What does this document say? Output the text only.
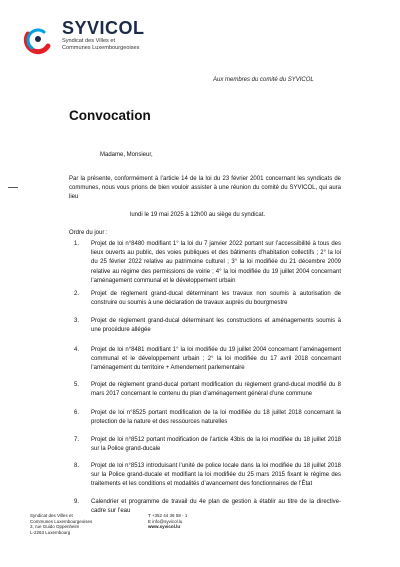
SYVICOL
Syndicat des Villes et
Communes Luxembourgeoises
Aux membres du comité du SYVICOL
Convocation
Madame, Monsieur,
Par la présente, conformément à l’article 14 de la loi du 23 février 2001 concernant les syndicats de communes, nous vous prions de bien vouloir assister à une réunion du comité du SYVICOL, qui aura lieu
lundi le 19 mai 2025 à 12h00 au siège du syndicat.
Ordre du jour :
1. Projet de loi n°8480 modifiant 1° la loi du 7 janvier 2022 portant sur l’accessibilité à tous des lieux ouverts au public, des voies publiques et des bâtiments d’habitation collectifs ; 2° la loi du 25 février 2022 relative au patrimoine culturel ; 3° la loi modifiée du 21 décembre 2009 relative au régime des permissions de voirie ; 4° la loi modifiée du 19 juillet 2004 concernant l’aménagement communal et le développement urbain
2. Projet de règlement grand-ducal déterminant les travaux non soumis à autorisation de construire ou soumis à une déclaration de travaux auprès du bourgmestre
3. Projet de règlement grand-ducal déterminant les constructions et aménagements soumis à une procédure allégée
4. Projet de loi n°8481 modifiant 1° la loi modifiée du 19 juillet 2004 concernant l’aménagement communal et le développement urbain ; 2° la loi modifiée du 17 avril 2018 concernant l’aménagement du territoire + Amendement parlementaire
5. Projet de règlement grand-ducal portant modification du règlement grand-ducal modifié du 8 mars 2017 concernant le contenu du plan d’aménagement général d’une commune
6. Projet de loi n°8525 portant modification de la loi modifiée du 18 juillet 2018 concernant la protection de la nature et des ressources naturelles
7. Projet de loi n°8512 portant modification de l’article 43bis de la loi modifiée du 18 juillet 2018 sur la Police grand-ducale
8. Projet de loi n°8513 introduisant l’unité de police locale dans la loi modifiée du 18 juillet 2018 sur la Police grand-ducale et modifiant la loi modifiée du 25 mars 2015 fixant le régime des traitements et les conditions et modalités d’avancement des fonctionnaires de l’État
9. Calendrier et programme de travail du 4e plan de gestion à établir au titre de la directive-cadre sur l’eau
Syndicat des Villes et
Communes Luxembourgeoises
3, rue Guido Oppenheim
L-2263 Luxembourg
T +352 44 36 58 - 1
E info@syvicol.lu
www.syvicol.lu
